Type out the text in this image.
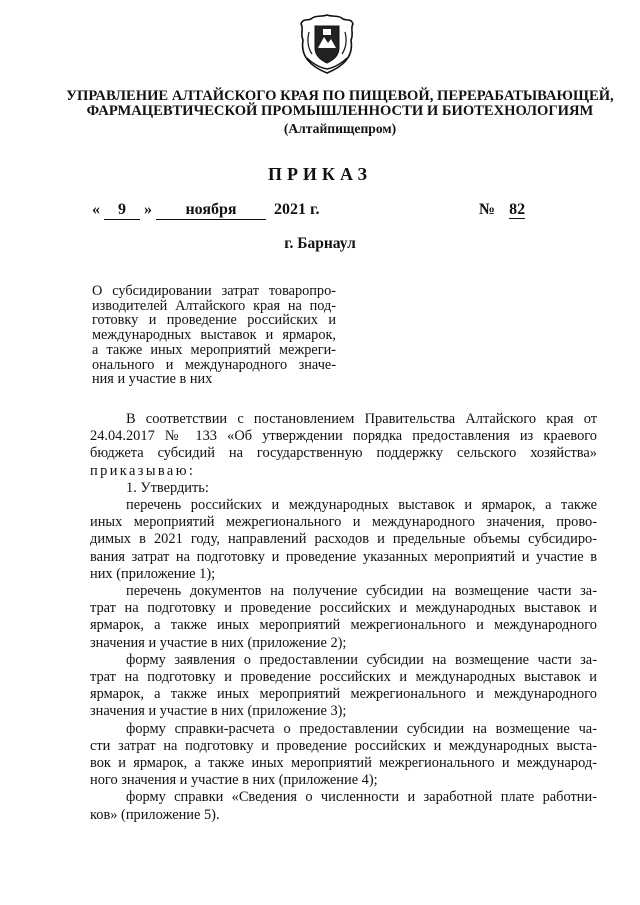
УПРАВЛЕНИЕ АЛТАЙСКОГО КРАЯ ПО ПИЩЕВОЙ, ПЕРЕРАБАТЫВАЮЩЕЙ,
ФАРМАЦЕВТИЧЕСКОЙ ПРОМЫШЛЕННОСТИ И БИОТЕХНОЛОГИЯМ
(Алтайпищепром)
ПРИКАЗ
« 9 » ноября 2021 г.	№ 82
г. Барнаул
О субсидировании затрат товаропро-
изводителей Алтайского края на под-
готовку и проведение российских и
международных выставок и ярмарок,
а также иных мероприятий межреги-
онального и международного значе-
ния и участие в них
В соответствии с постановлением Правительства Алтайского края от
24.04.2017 № 133 «Об утверждении порядка предоставления из краевого
бюджета субсидий на государственную поддержку сельского хозяйства»
приказываю:
1. Утвердить:
перечень российских и международных выставок и ярмарок, а также
иных мероприятий межрегионального и международного значения, прово-
димых в 2021 году, направлений расходов и предельные объемы субсидиро-
вания затрат на подготовку и проведение указанных мероприятий и участие в
них (приложение 1);
перечень документов на получение субсидии на возмещение части за-
трат на подготовку и проведение российских и международных выставок и
ярмарок, а также иных мероприятий межрегионального и международного
значения и участие в них (приложение 2);
форму заявления о предоставлении субсидии на возмещение части за-
трат на подготовку и проведение российских и международных выставок и
ярмарок, а также иных мероприятий межрегионального и международного
значения и участие в них (приложение 3);
форму справки-расчета о предоставлении субсидии на возмещение ча-
сти затрат на подготовку и проведение российских и международных выста-
вок и ярмарок, а также иных мероприятий межрегионального и международ-
ного значения и участие в них (приложение 4);
форму справки «Сведения о численности и заработной плате работни-
ков» (приложение 5).
